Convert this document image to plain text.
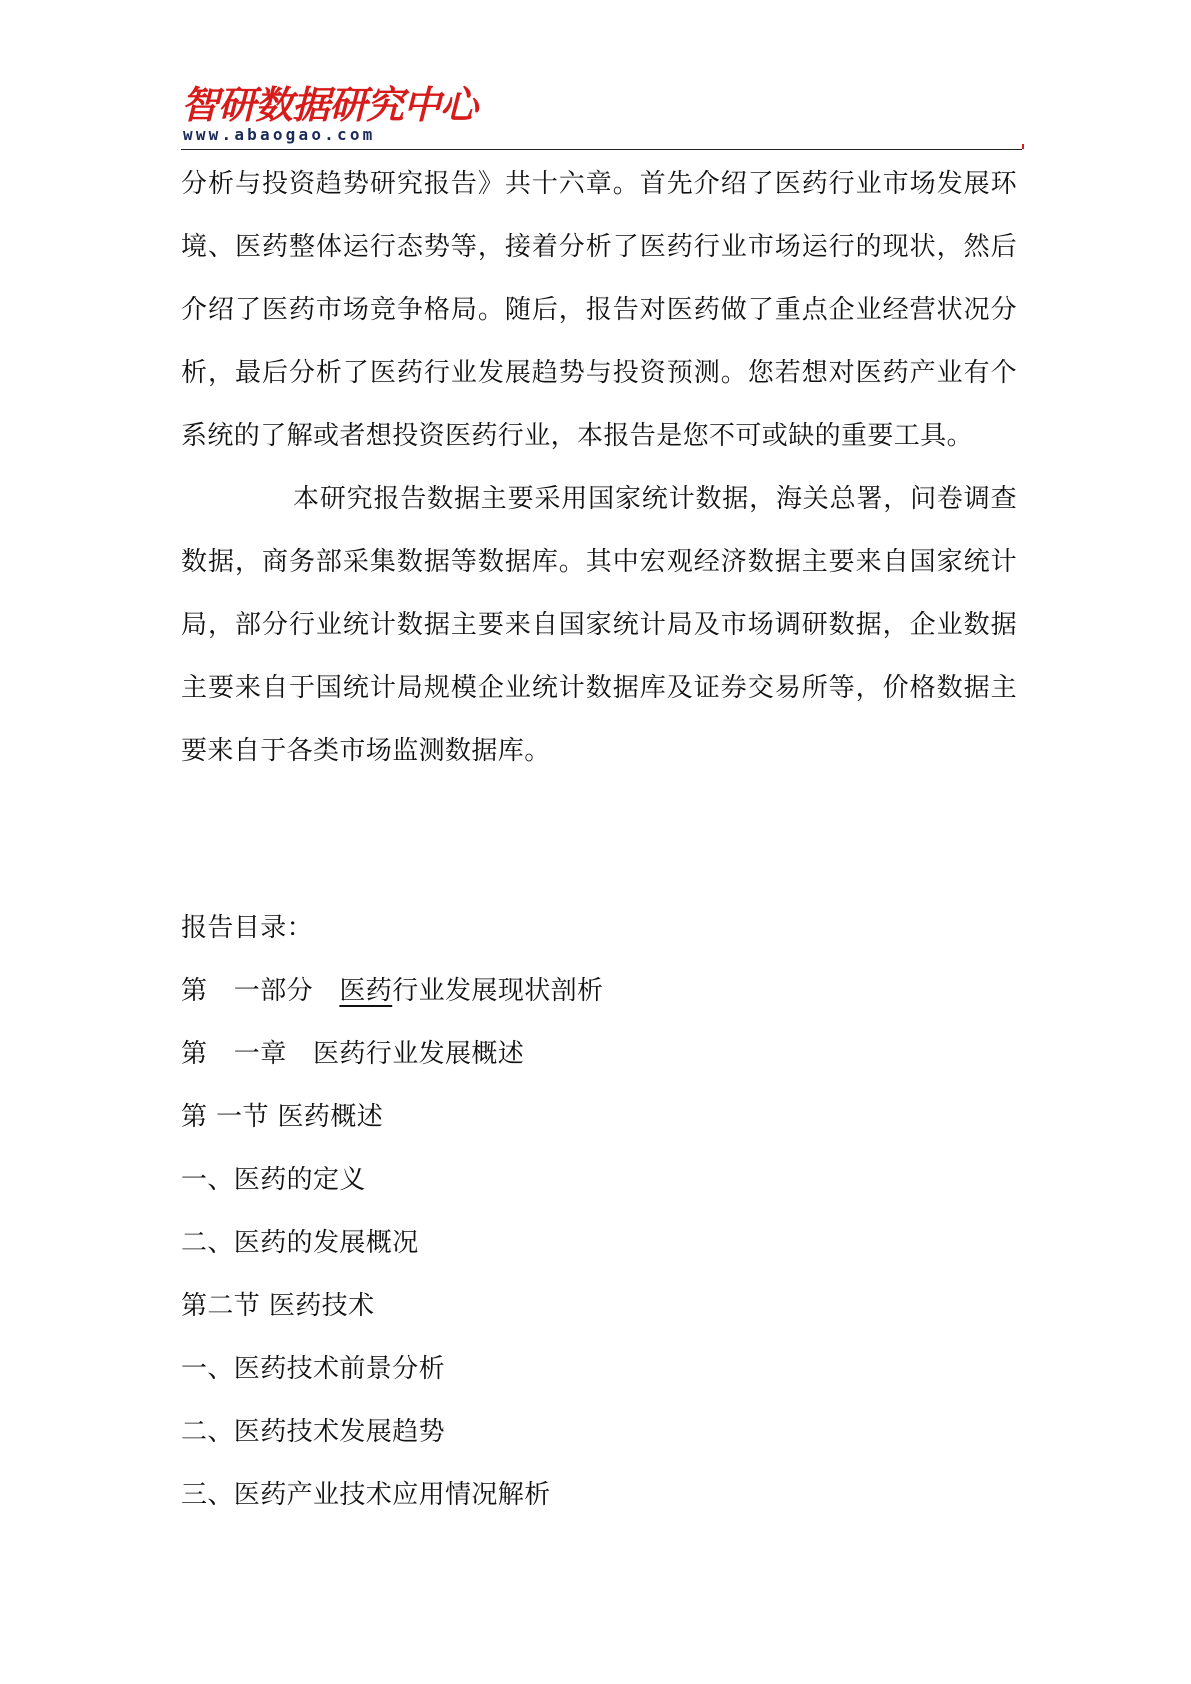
智研数据研究中心
www.abaogao.com

分析与投资趋势研究报告》共十六章。首先介绍了医药行业市场发展环境、医药整体运行态势等，接着分析了医药行业市场运行的现状，然后介绍了医药市场竞争格局。随后，报告对医药做了重点企业经营状况分析，最后分析了医药行业发展趋势与投资预测。您若想对医药产业有个系统的了解或者想投资医药行业，本报告是您不可或缺的重要工具。

本研究报告数据主要采用国家统计数据，海关总署，问卷调查数据，商务部采集数据等数据库。其中宏观经济数据主要来自国家统计局，部分行业统计数据主要来自国家统计局及市场调研数据，企业数据主要来自于国统计局规模企业统计数据库及证券交易所等，价格数据主要来自于各类市场监测数据库。

报告目录：

第　一部分　医药行业发展现状剖析

第　一章　医药行业发展概述

第 一节 医药概述

一、医药的定义

二、医药的发展概况

第二节 医药技术

一、医药技术前景分析

二、医药技术发展趋势

三、医药产业技术应用情况解析
